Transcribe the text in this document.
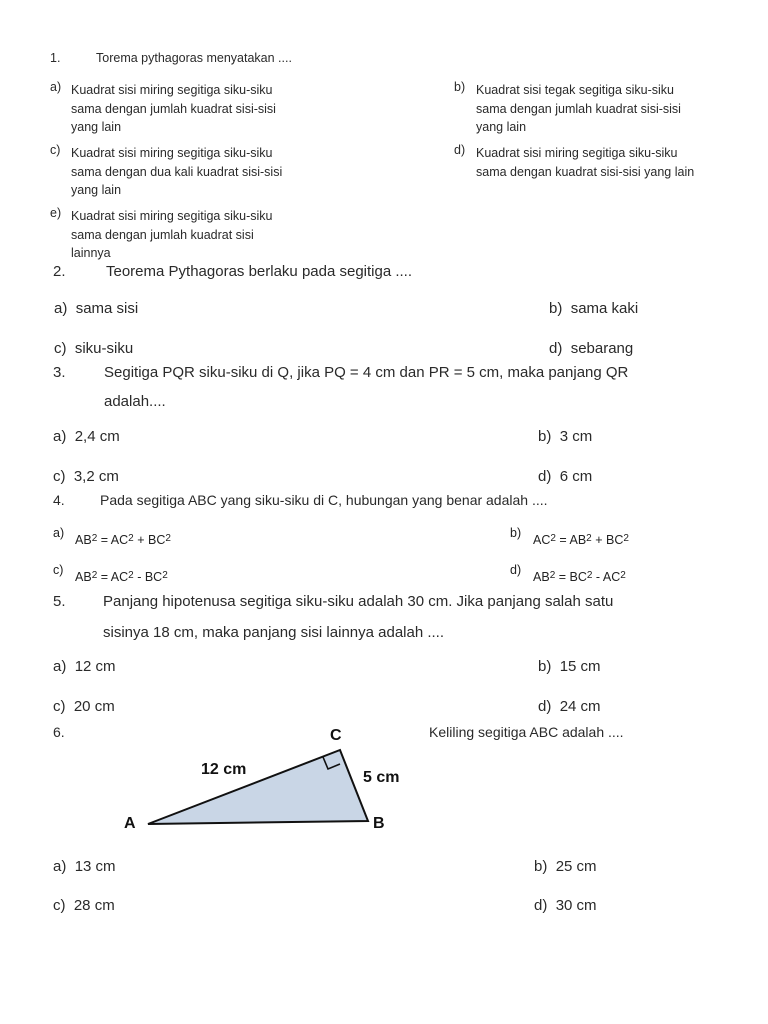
1.	Torema pythagoras menyatakan ....
a) Kuadrat sisi miring segitiga siku-siku
sama dengan jumlah kuadrat sisi-sisi
yang lain
b) Kuadrat sisi tegak segitiga siku-siku
sama dengan jumlah kuadrat sisi-sisi
yang lain
c) Kuadrat sisi miring segitiga siku-siku
sama dengan dua kali kuadrat sisi-sisi
yang lain
d) Kuadrat sisi miring segitiga siku-siku
sama dengan kuadrat sisi-sisi yang lain
e) Kuadrat sisi miring segitiga siku-siku
sama dengan jumlah kuadrat sisi
lainnya
2.	Teorema Pythagoras berlaku pada segitiga ....
a) sama sisi	b) sama kaki
c) siku-siku	d) sebarang
3.	Segitiga PQR siku-siku di Q, jika PQ = 4 cm dan PR = 5 cm, maka panjang QR
adalah....
a) 2,4 cm	b) 3 cm
c) 3,2 cm	d) 6 cm
4.	Pada segitiga ABC yang siku-siku di C, hubungan yang benar adalah ....
a) $AB^2 = AC^2 + BC^2$	b) $AC^2 = AB^2 + BC^2$
c) $AB^2 = AC^2 - BC^2$	d) $AB^2 = BC^2 - AC^2$
5. Panjang hipotenusa segitiga siku-siku adalah 30 cm. Jika panjang salah satu
sisinya 18 cm, maka panjang sisi lainnya adalah ....
a) 12 cm	b) 15 cm
c) 20 cm	d) 24 cm
6.	Keliling segitiga ABC adalah ....
12 cm	5 cm
A	B
C
a) 13 cm	b) 25 cm
c) 28 cm	d) 30 cm
